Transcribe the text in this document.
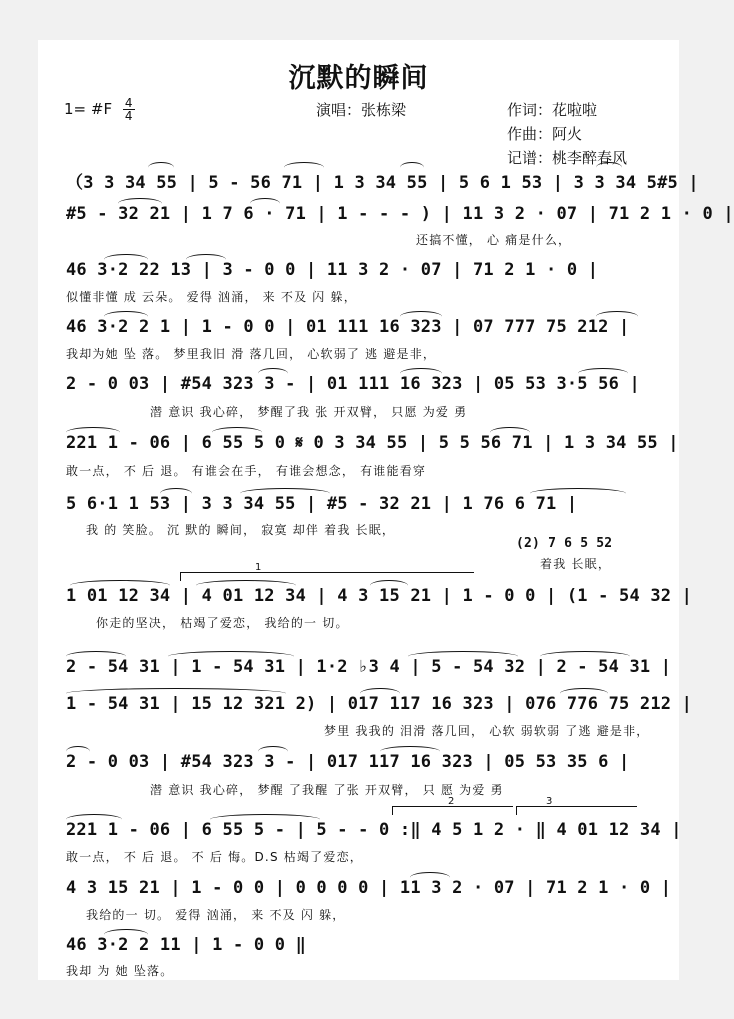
沉默的瞬间
1= #F $\frac{4}{4}$	演唱：张栋梁	作词：花啦啦
作曲：阿火
记谱：桃李醉春风
（3 3 34 55 | 5 - 56 71 | 1 3 34 55 | 5 6 1 53 | 3 3 34 5#5 |
#5 - 32 21 | 1 7 6 · 71 | 1 - - - ) | 11 3 2 · 07 | 71 2 1 · 0 |
还搞不懂， 心 痛是什么，
46 3·2 22 13 | 3 - 0 0 | 11 3 2 · 07 | 71 2 1 · 0 |
似懂非懂 成 云朵。 爱得 汹涌， 来 不及 闪 躲，
46 3·2 2 1 | 1 - 0 0 | 01 111 16 323 | 07 777 75 212 |
我却为她 坠 落。 梦里我旧 滑 落几回， 心软弱了 逃 避是非，
2 - 0 03 | #54 323 3 - | 01 111 16 323 | 05 53 3·5 56 |
潜 意识 我心碎， 梦醒了我 张 开双臂， 只愿 为爱 勇
221 1 - 06 | 6 55 5 0 𝄋 0 3 34 55 | 5 5 56 71 | 1 3 34 55 |
敢一点， 不 后 退。 有谁会在手， 有谁会想念， 有谁能看穿
5 6·1 1 53 | 3 3 34 55 | #5 - 32 21 | 1 76 6 71 |
我 的 笑脸。 沉 默的 瞬间， 寂寞 却伴 着我 长眠，
(2) 7 6 5 52
着我 长眠，
1 01 12 34 | 4 01 12 34 | 4 3 15 21 | 1 - 0 0 | (1 - 54 32 |
你走的坚决， 枯竭了爱恋， 我给的一 切。
1
2 - 54 31 | 1 - 54 31 | 1·2 ♭3 4 | 5 - 54 32 | 2 - 54 31 |
1 - 54 31 | 15 12 321 2) | 017 117 16 323 | 076 776 75 212 |
梦里 我我的 泪滑 落几回， 心软 弱软弱 了逃 避是非，
2 - 0 03 | #54 323 3 - | 017 117 16 323 | 05 53 35 6 |
潜 意识 我心碎， 梦醒 了我醒 了张 开双臂， 只 愿 为爱 勇
221 1 - 06 | 6 55 5 - | 5 - - 0 :‖ 4 5 1 2 · ‖ 4 01 12 34 |
敢一点， 不 后 退。 不 后 悔。D.S 枯竭了爱恋，
2	3
4 3 15 21 | 1 - 0 0 | 0 0 0 0 | 11 3 2 · 07 | 71 2 1 · 0 |
我给的一 切。 爱得 汹涌， 来 不及 闪 躲，
46 3·2 2 11 | 1 - 0 0 ‖
我却 为 她 坠落。
